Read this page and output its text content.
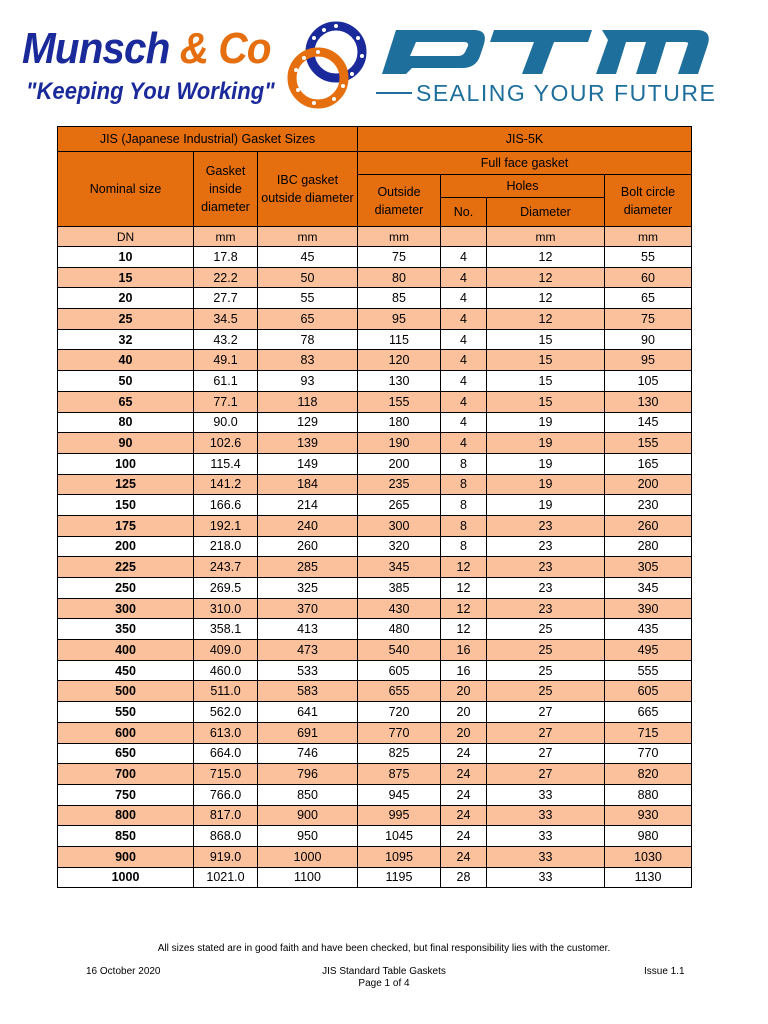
Munsch & Co
"Keeping You Working"	SEALING YOUR FUTURE
JIS (Japanese Industrial) Gasket Sizes			JIS-5K			
Nominal size	Gasket inside diameter	IBC gasket outside diameter	Full face gasket			
			Outside diameter	Holes		Bolt circle diameter
				No.	Diameter	
DN	mm	mm	mm		mm	mm
10	17.8	45	75	4	12	55
15	22.2	50	80	4	12	60
20	27.7	55	85	4	12	65
25	34.5	65	95	4	12	75
32	43.2	78	115	4	15	90
40	49.1	83	120	4	15	95
50	61.1	93	130	4	15	105
65	77.1	118	155	4	15	130
80	90.0	129	180	4	19	145
90	102.6	139	190	4	19	155
100	115.4	149	200	8	19	165
125	141.2	184	235	8	19	200
150	166.6	214	265	8	19	230
175	192.1	240	300	8	23	260
200	218.0	260	320	8	23	280
225	243.7	285	345	12	23	305
250	269.5	325	385	12	23	345
300	310.0	370	430	12	23	390
350	358.1	413	480	12	25	435
400	409.0	473	540	16	25	495
450	460.0	533	605	16	25	555
500	511.0	583	655	20	25	605
550	562.0	641	720	20	27	665
600	613.0	691	770	20	27	715
650	664.0	746	825	24	27	770
700	715.0	796	875	24	27	820
750	766.0	850	945	24	33	880
800	817.0	900	995	24	33	930
850	868.0	950	1045	24	33	980
900	919.0	1000	1095	24	33	1030
1000	1021.0	1100	1195	28	33	1130
All sizes stated are in good faith and have been checked, but final responsibility lies with the customer.
16 October 2020	JIS Standard Table Gaskets
Page 1 of 4
Issue 1.1
